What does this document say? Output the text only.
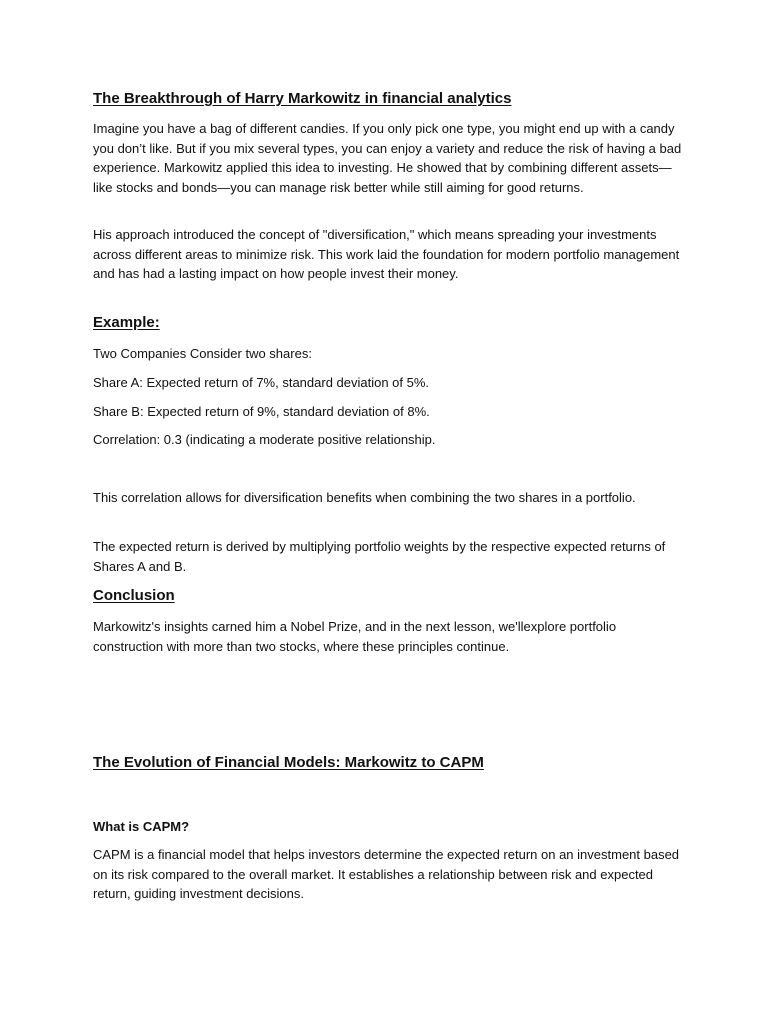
The Breakthrough of Harry Markowitz in financial analytics

Imagine you have a bag of different candies. If you only pick one type, you might end up with a candy you don’t like. But if you mix several types, you can enjoy a variety and reduce the risk of having a bad experience. Markowitz applied this idea to investing. He showed that by combining different assets—like stocks and bonds—you can manage risk better while still aiming for good returns.

His approach introduced the concept of "diversification," which means spreading your investments across different areas to minimize risk. This work laid the foundation for modern portfolio management and has had a lasting impact on how people invest their money.

Example:

Two Companies Consider two shares:

Share A: Expected return of 7%, standard deviation of 5%.

Share B: Expected return of 9%, standard deviation of 8%.

Correlation: 0.3 (indicating a moderate positive relationship.

This correlation allows for diversification benefits when combining the two shares in a portfolio.

The expected return is derived by multiplying portfolio weights by the respective expected returns of Shares A and B.

Conclusion

Markowitz's insights carned him a Nobel Prize, and in the next lesson, we'llexplore portfolio construction with more than two stocks, where these principles continue.

The Evolution of Financial Models: Markowitz to CAPM
What is CAPM?

CAPM is a financial model that helps investors determine the expected return on an investment based on its risk compared to the overall market. It establishes a relationship between risk and expected return, guiding investment decisions.
